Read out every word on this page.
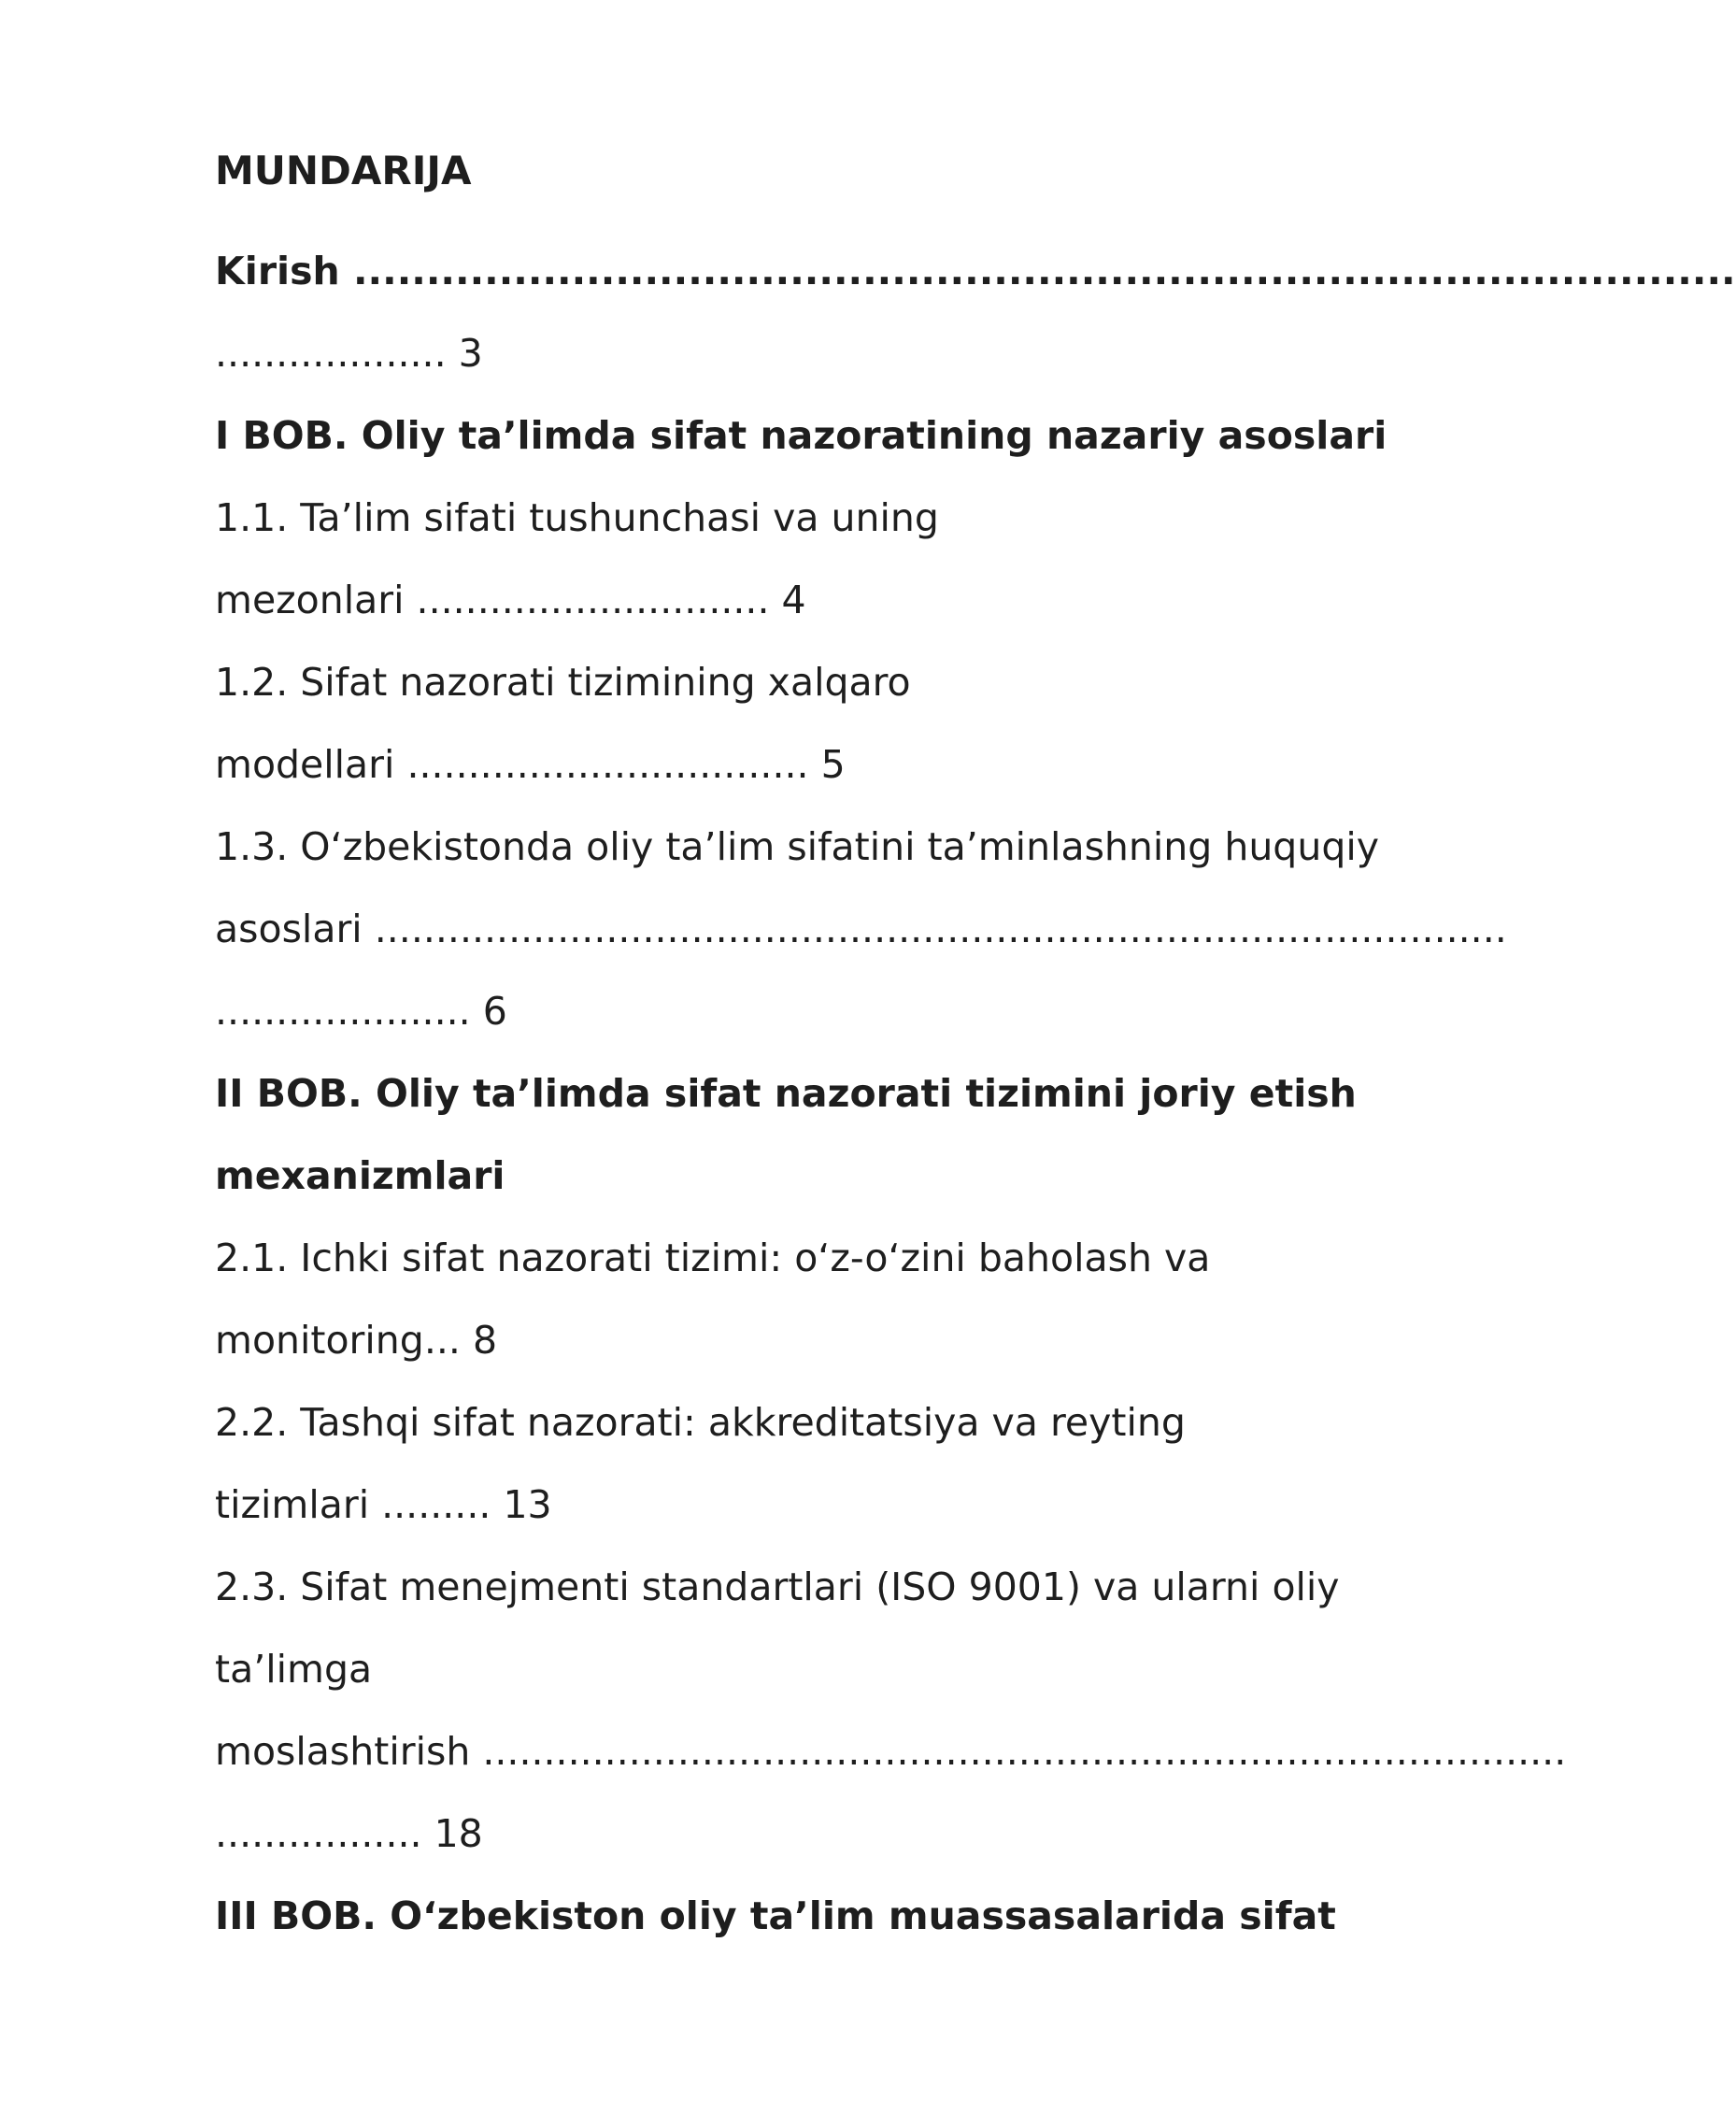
MUNDARIJA
Kirish ...............................................................................................
................... 3
I BOB. Oliy ta’limda sifat nazoratining nazariy asoslari
1.1. Ta’lim sifati tushunchasi va uning
mezonlari ............................. 4
1.2. Sifat nazorati tizimining xalqaro
modellari ................................. 5
1.3. O‘zbekistonda oliy ta’lim sifatini ta’minlashning huquqiy
asoslari .............................................................................................
..................... 6
II BOB. Oliy ta’limda sifat nazorati tizimini joriy etish
mexanizmlari
2.1. Ichki sifat nazorati tizimi: o‘z-o‘zini baholash va
monitoring... 8
2.2. Tashqi sifat nazorati: akkreditatsiya va reyting
tizimlari ......... 13
2.3. Sifat menejmenti standartlari (ISO 9001) va ularni oliy
ta’limga
moslashtirish .........................................................................................
................. 18
III BOB. O‘zbekiston oliy ta’lim muassasalarida sifat
